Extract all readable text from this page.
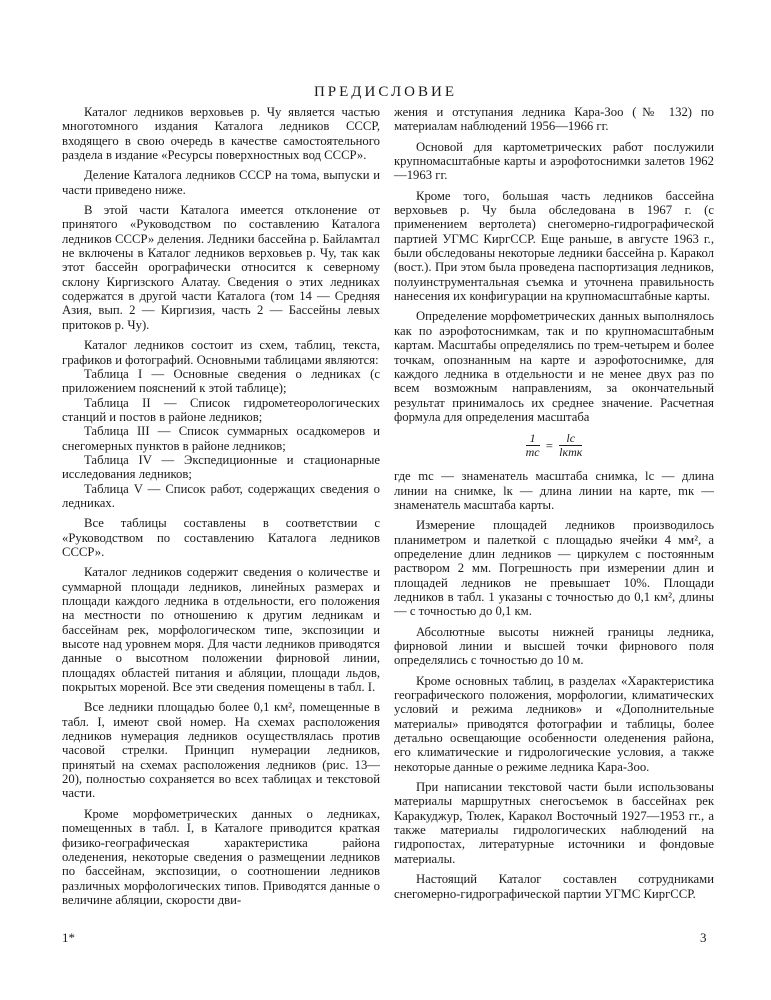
ПРЕДИСЛОВИЕ

Каталог ледников верховьев р. Чу является частью многотомного издания Каталога ледников СССР, входящего в свою очередь в качестве самостоятельного раздела в издание «Ресурсы поверхностных вод СССР».

Деление Каталога ледников СССР на тома, выпуски и части приведено ниже.

В этой части Каталога имеется отклонение от принятого «Руководством по составлению Каталога ледников СССР» деления. Ледники бассейна р. Байламтал не включены в Каталог ледников верховьев р. Чу, так как этот бассейн орографически относится к северному склону Киргизского Алатау. Сведения о этих ледниках содержатся в другой части Каталога (том 14 — Средняя Азия, вып. 2 — Киргизия, часть 2 — Бассейны левых притоков р. Чу).

Каталог ледников состоит из схем, таблиц, текста, графиков и фотографий. Основными таблицами являются:

Таблица I — Основные сведения о ледниках (с приложением пояснений к этой таблице);

Таблица II — Список гидрометеорологических станций и постов в районе ледников;

Таблица III — Список суммарных осадкомеров и снегомерных пунктов в районе ледников;

Таблица IV — Экспедиционные и стационарные исследования ледников;

Таблица V — Список работ, содержащих сведения о ледниках.

Все таблицы составлены в соответствии с «Руководством по составлению Каталога ледников СССР».

Каталог ледников содержит сведения о количестве и суммарной площади ледников, линейных размерах и площади каждого ледника в отдельности, его положения на местности по отношению к другим ледникам и бассейнам рек, морфологическом типе, экспозиции и высоте над уровнем моря. Для части ледников приводятся данные о высотном положении фирновой линии, площадях областей питания и абляции, площади льдов, покрытых мореной. Все эти сведения помещены в табл. I.

Все ледники площадью более 0,1 км², помещенные в табл. I, имеют свой номер. На схемах расположения ледников нумерация ледников осуществлялась против часовой стрелки. Принцип нумерации ледников, принятый на схемах расположения ледников (рис. 13—20), полностью сохраняется во всех таблицах и текстовой части.

Кроме морфометрических данных о ледниках, помещенных в табл. I, в Каталоге приводится краткая физико-географическая характеристика района оледенения, некоторые сведения о размещении ледников по бассейнам, экспозиции, о соотношении ледников различных морфологических типов. Приводятся данные о величине абляции, скорости дви-

жения и отступания ледника Кара-Зоо (№ 132) по материалам наблюдений 1956—1966 гг.

Основой для картометрических работ послужили крупномасштабные карты и аэрофотоснимки залетов 1962—1963 гг.

Кроме того, большая часть ледников бассейна верховьев р. Чу была обследована в 1967 г. (с применением вертолета) снегомерно-гидрографической партией УГМС КиргССР. Еще раньше, в августе 1963 г., были обследованы некоторые ледники бассейна р. Каракол (вост.). При этом была проведена паспортизация ледников, полуинструментальная съемка и уточнена правильность нанесения их конфигурации на крупномасштабные карты.

Определение морфометрических данных выполнялось как по аэрофотоснимкам, так и по крупномасштабным картам. Масштабы определялись по трем-четырем и более точкам, опознанным на карте и аэрофотоснимке, для каждого ледника в отдельности и не менее двух раз по всем возможным направлениям, за окончательный результат принималось их среднее значение. Расчетная формула для определения масштаба

$\frac{1}{mс} = \frac{lс}{\text{lкmк}}$

где mс — знаменатель масштаба снимка, lс — длина линии на снимке, lк — длина линии на карте, mк — знаменатель масштаба карты.

Измерение площадей ледников производилось планиметром и палеткой с площадью ячейки 4 мм², а определение длин ледников — циркулем с постоянным раствором 2 мм. Погрешность при измерении длин и площадей ледников не превышает 10%. Площади ледников в табл. 1 указаны с точностью до 0,1 км², длины — с точностью до 0,1 км.

Абсолютные высоты нижней границы ледника, фирновой линии и высшей точки фирнового поля определялись с точностью до 10 м.

Кроме основных таблиц, в разделах «Характеристика географического положения, морфологии, климатических условий и режима ледников» и «Дополнительные материалы» приводятся фотографии и таблицы, более детально освещающие особенности оледенения района, его климатические и гидрологические условия, а также некоторые данные о режиме ледника Кара-Зоо.

При написании текстовой части были использованы материалы маршрутных снегосъемок в бассейнах рек Каракуджур, Тюлек, Каракол Восточный 1927—1953 гг., а также материалы гидрологических наблюдений на гидропостах, литературные источники и фондовые материалы.

Настоящий Каталог составлен сотрудниками снегомерно-гидрографической партии УГМС КиргССР.

1*	3
